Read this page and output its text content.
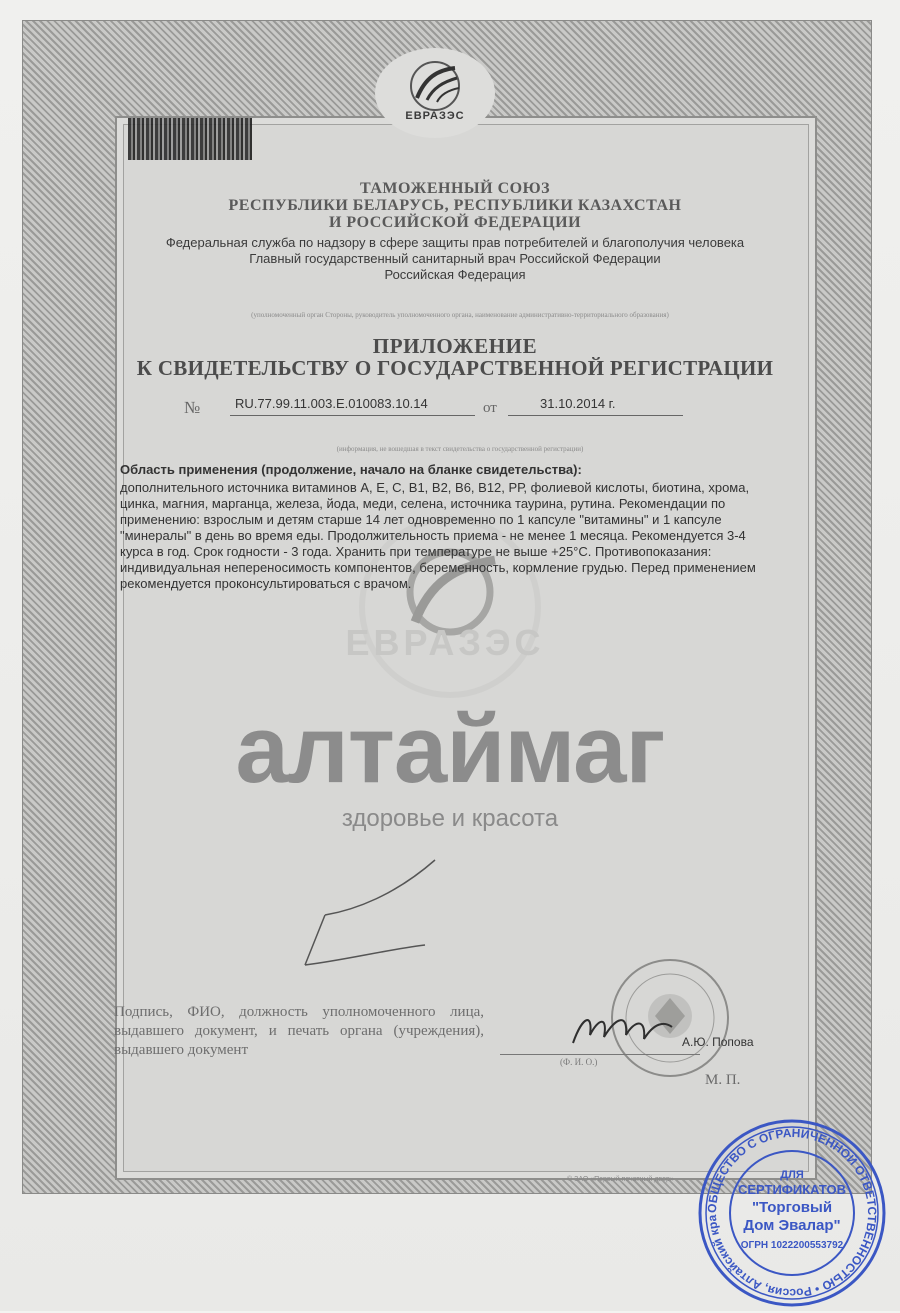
ЕВРАЗЭС
ТАМОЖЕННЫЙ СОЮЗ
РЕСПУБЛИКИ БЕЛАРУСЬ, РЕСПУБЛИКИ КАЗАХСТАН
И РОССИЙСКОЙ ФЕДЕРАЦИИ
Федеральная служба по надзору в сфере защиты прав потребителей и благополучия человека
Главный государственный санитарный врач Российской Федерации
Российская Федерация
(уполномоченный орган Стороны, руководитель уполномоченного органа, наименование административно-территориального образования)
ПРИЛОЖЕНИЕ
К СВИДЕТЕЛЬСТВУ О ГОСУДАРСТВЕННОЙ РЕГИСТРАЦИИ
№	RU.77.99.11.003.E.010083.10.14	от	31.10.2014 г.
(информация, не вошедшая в текст свидетельства о государственной регистрации)
ЕВРАЗЭС
Область применения (продолжение, начало на бланке свидетельства):
дополнительного источника витаминов А, Е, С, В1, В2, В6, В12, РР, фолиевой кислоты, биотина, хрома, цинка, магния, марганца, железа, йода, меди, селена, источника таурина, рутина. Рекомендации по применению: взрослым и детям старше 14 лет одновременно по 1 капсуле "витамины" и 1 капсуле "минералы" в день во время еды. Продолжительность приема - не менее 1 месяца. Рекомендуется 3-4 курса в год. Срок годности - 3 года. Хранить при температуре не выше +25°С. Противопоказания: индивидуальная непереносимость компонентов, беременность, кормление грудью. Перед применением рекомендуется проконсультироваться с врачом.
алтаймаг
здоровье и красота
Подпись, ФИО, должность уполномоченного лица, выдавшего документ, и печать органа (учреждения), выдавшего документ	А.Ю. Попова
(Ф. И. О.)
М. П.
© ЗАО «Первый печатный двор»
ОБЩЕСТВО С ОГРАНИЧЕННОЙ ОТВЕТСТВЕННОСТЬЮ • Россия, Алтайский кра
ДЛЯ
СЕРТИФИКАТОВ
"Торговый
Дом Эвалар"
ОГРН 1022200553792
